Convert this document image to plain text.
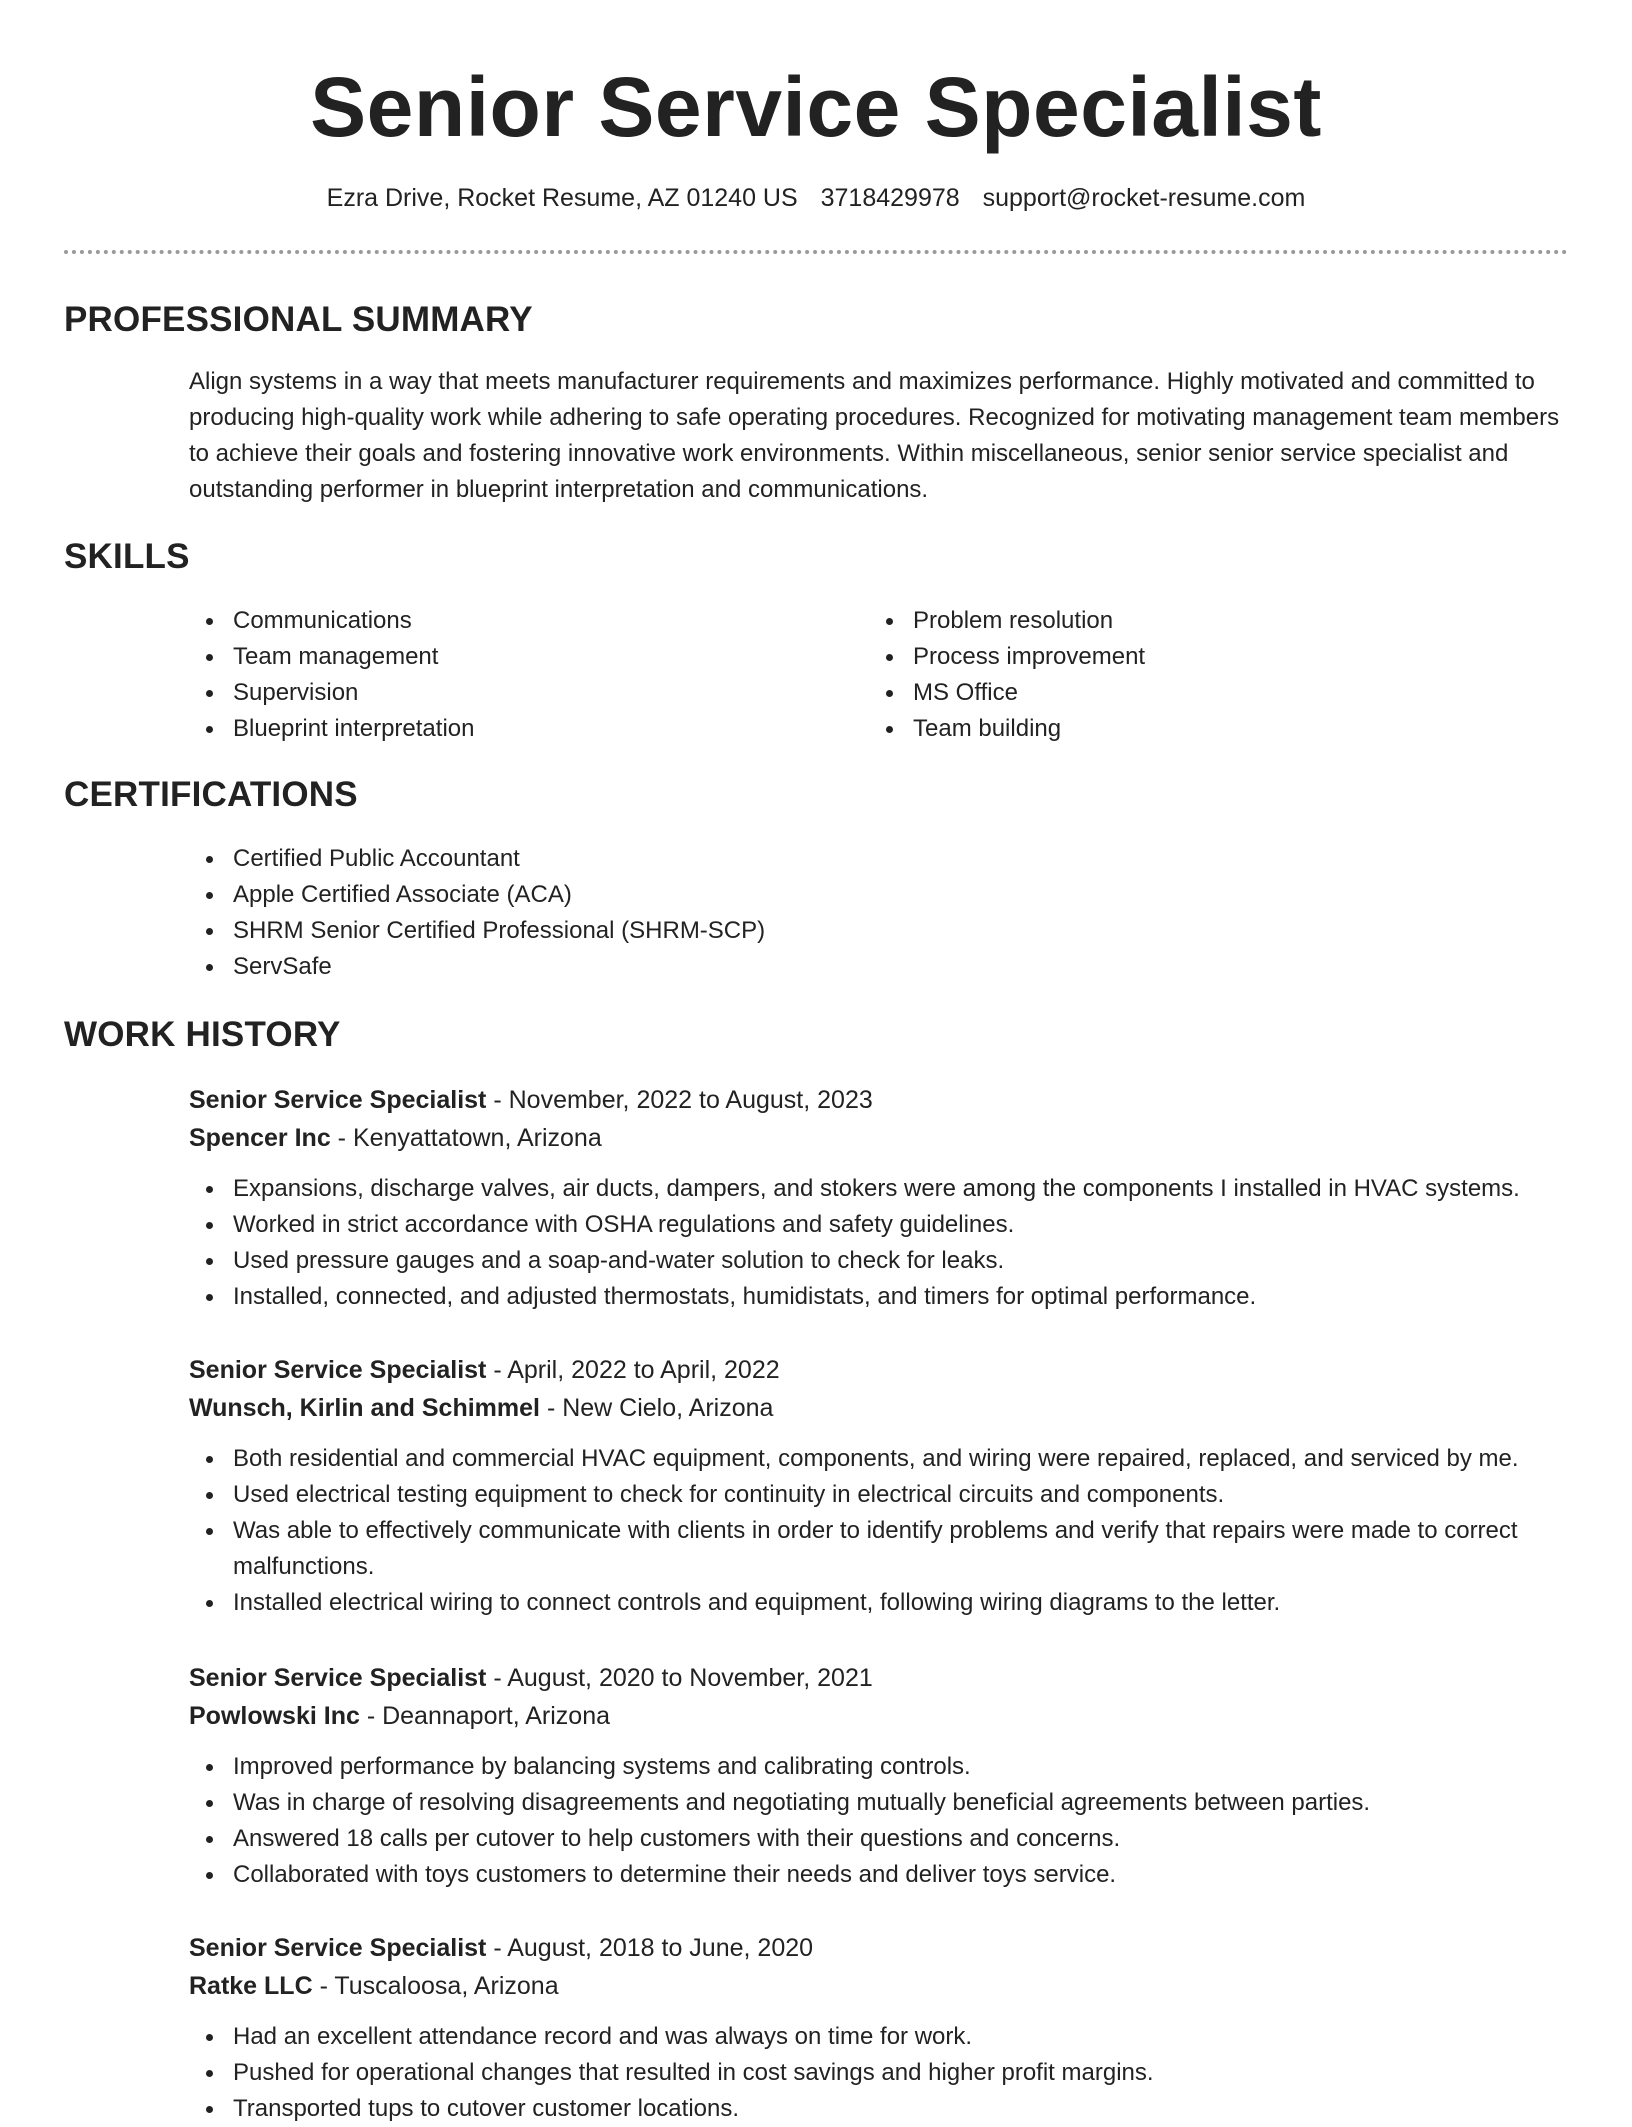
Senior Service Specialist
Ezra Drive, Rocket Resume, AZ 01240 US 3718429978 support@rocket-resume.com
PROFESSIONAL SUMMARY
Align systems in a way that meets manufacturer requirements and maximizes performance. Highly motivated and committed to producing high-quality work while adhering to safe operating procedures. Recognized for motivating management team members to achieve their goals and fostering innovative work environments. Within miscellaneous, senior senior service specialist and outstanding performer in blueprint interpretation and communications.
SKILLS
Communications
Team management
Supervision
Blueprint interpretation
Problem resolution
Process improvement
MS Office
Team building
CERTIFICATIONS
Certified Public Accountant
Apple Certified Associate (ACA)
SHRM Senior Certified Professional (SHRM-SCP)
ServSafe
WORK HISTORY
Senior Service Specialist - November, 2022 to August, 2023
Spencer Inc - Kenyattatown, Arizona
Expansions, discharge valves, air ducts, dampers, and stokers were among the components I installed in HVAC systems.
Worked in strict accordance with OSHA regulations and safety guidelines.
Used pressure gauges and a soap-and-water solution to check for leaks.
Installed, connected, and adjusted thermostats, humidistats, and timers for optimal performance.
Senior Service Specialist - April, 2022 to April, 2022
Wunsch, Kirlin and Schimmel - New Cielo, Arizona
Both residential and commercial HVAC equipment, components, and wiring were repaired, replaced, and serviced by me.
Used electrical testing equipment to check for continuity in electrical circuits and components.
Was able to effectively communicate with clients in order to identify problems and verify that repairs were made to correct malfunctions.
Installed electrical wiring to connect controls and equipment, following wiring diagrams to the letter.
Senior Service Specialist - August, 2020 to November, 2021
Powlowski Inc - Deannaport, Arizona
Improved performance by balancing systems and calibrating controls.
Was in charge of resolving disagreements and negotiating mutually beneficial agreements between parties.
Answered 18 calls per cutover to help customers with their questions and concerns.
Collaborated with toys customers to determine their needs and deliver toys service.
Senior Service Specialist - August, 2018 to June, 2020
Ratke LLC - Tuscaloosa, Arizona
Had an excellent attendance record and was always on time for work.
Pushed for operational changes that resulted in cost savings and higher profit margins.
Transported tups to cutover customer locations.
